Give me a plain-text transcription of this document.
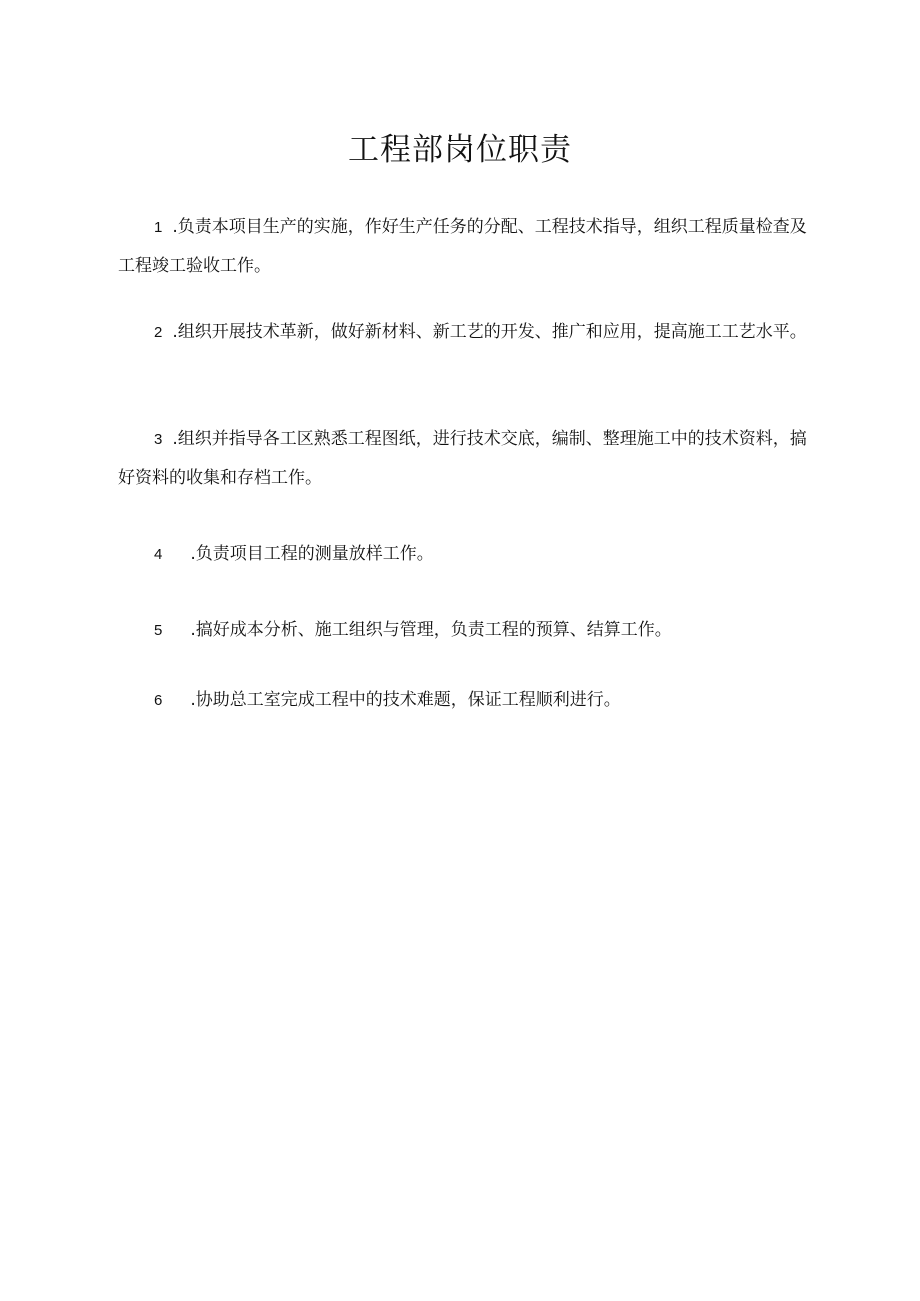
工程部岗位职责

1 .负责本项目生产的实施，作好生产任务的分配、工程技术指导，组织工程质量检查及工程竣工验收工作。

2 .组织开展技术革新，做好新材料、新工艺的开发、推广和应用，提高施工工艺水平。

3 .组织并指导各工区熟悉工程图纸，进行技术交底，编制、整理施工中的技术资料，搞好资料的收集和存档工作。

4 .负责项目工程的测量放样工作。

5 .搞好成本分析、施工组织与管理，负责工程的预算、结算工作。

6 .协助总工室完成工程中的技术难题，保证工程顺利进行。
